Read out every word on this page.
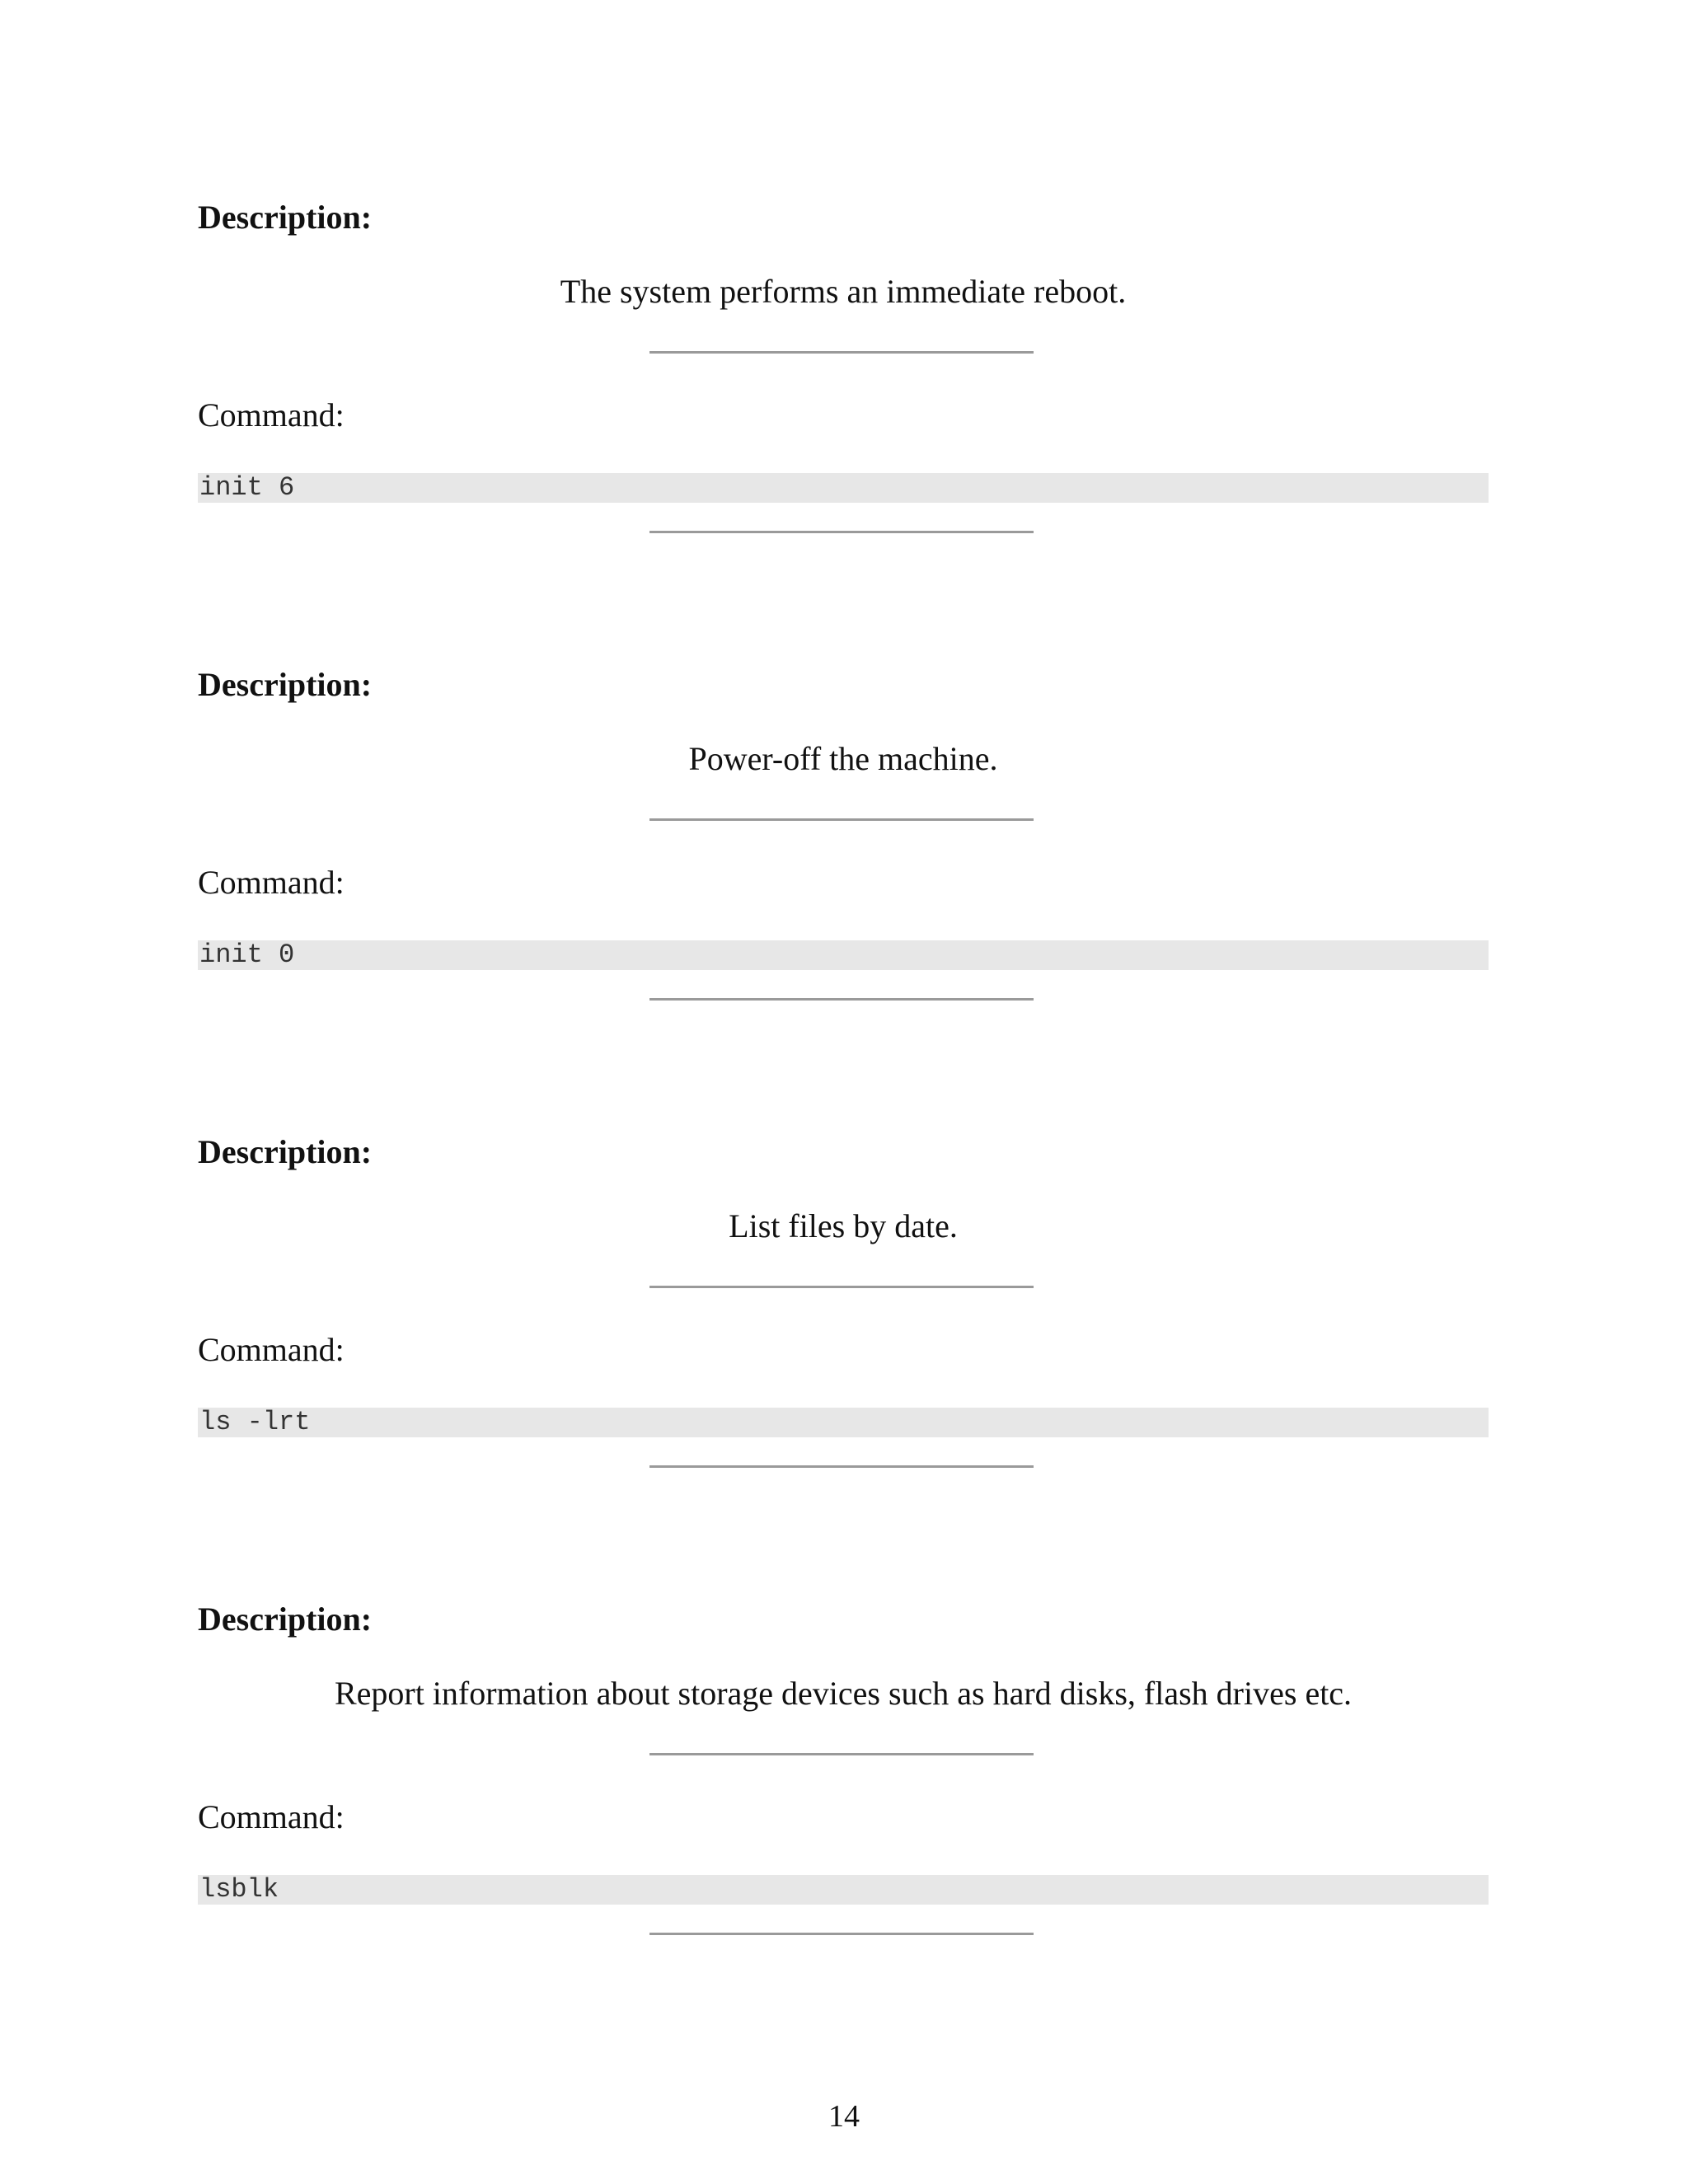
Description:
The system performs an immediate reboot.
Command:
init 6
Description:
Power-off the machine.
Command:
init 0
Description:
List files by date.
Command:
ls -lrt
Description:
Report information about storage devices such as hard disks, flash drives etc.
Command:
lsblk
14
